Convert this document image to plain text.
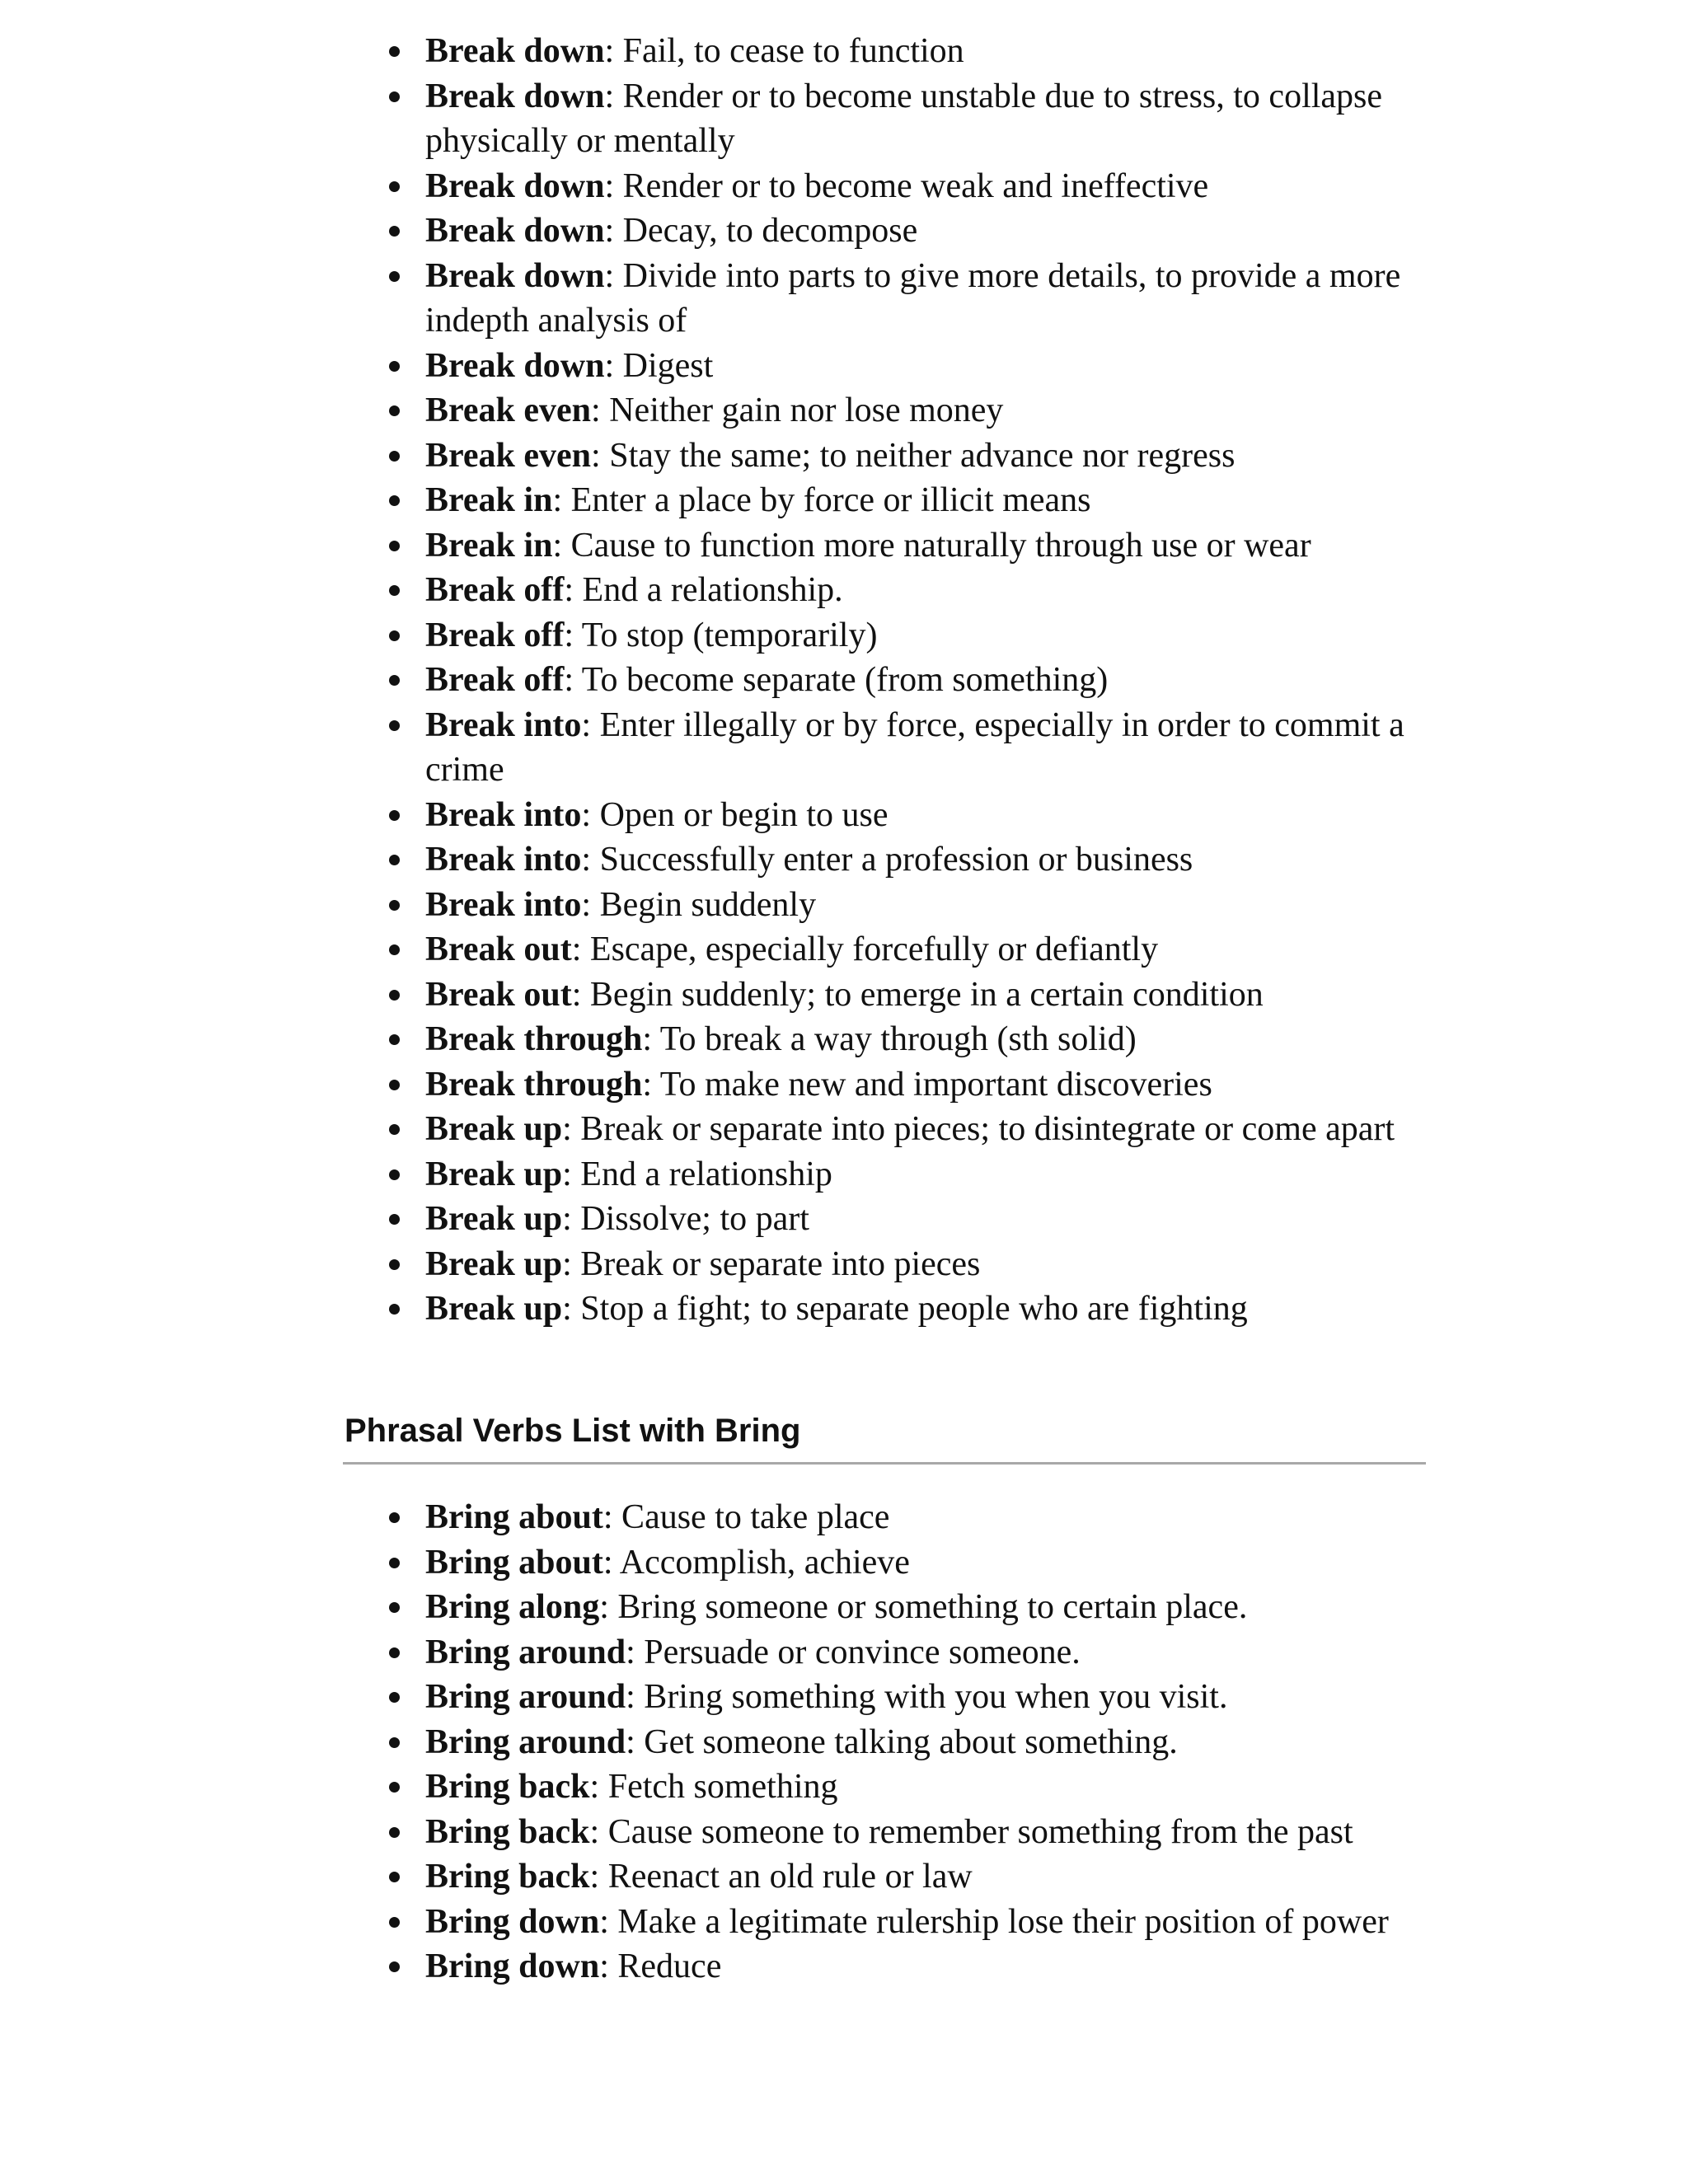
Break down: Fail, to cease to function
Break down: Render or to become unstable due to stress, to collapse physically or mentally
Break down: Render or to become weak and ineffective
Break down: Decay, to decompose
Break down: Divide into parts to give more details, to provide a more indepth analysis of
Break down: Digest
Break even: Neither gain nor lose money
Break even: Stay the same; to neither advance nor regress
Break in: Enter a place by force or illicit means
Break in: Cause to function more naturally through use or wear
Break off: End a relationship.
Break off: To stop (temporarily)
Break off: To become separate (from something)
Break into: Enter illegally or by force, especially in order to commit a crime
Break into: Open or begin to use
Break into: Successfully enter a profession or business
Break into: Begin suddenly
Break out: Escape, especially forcefully or defiantly
Break out: Begin suddenly; to emerge in a certain condition
Break through: To break a way through (sth solid)
Break through: To make new and important discoveries
Break up: Break or separate into pieces; to disintegrate or come apart
Break up: End a relationship
Break up: Dissolve; to part
Break up: Break or separate into pieces
Break up: Stop a fight; to separate people who are fighting
Phrasal Verbs List with Bring
Bring about: Cause to take place
Bring about: Accomplish, achieve
Bring along: Bring someone or something to certain place.
Bring around: Persuade or convince someone.
Bring around: Bring something with you when you visit.
Bring around: Get someone talking about something.
Bring back: Fetch something
Bring back: Cause someone to remember something from the past
Bring back: Reenact an old rule or law
Bring down: Make a legitimate rulership lose their position of power
Bring down: Reduce
